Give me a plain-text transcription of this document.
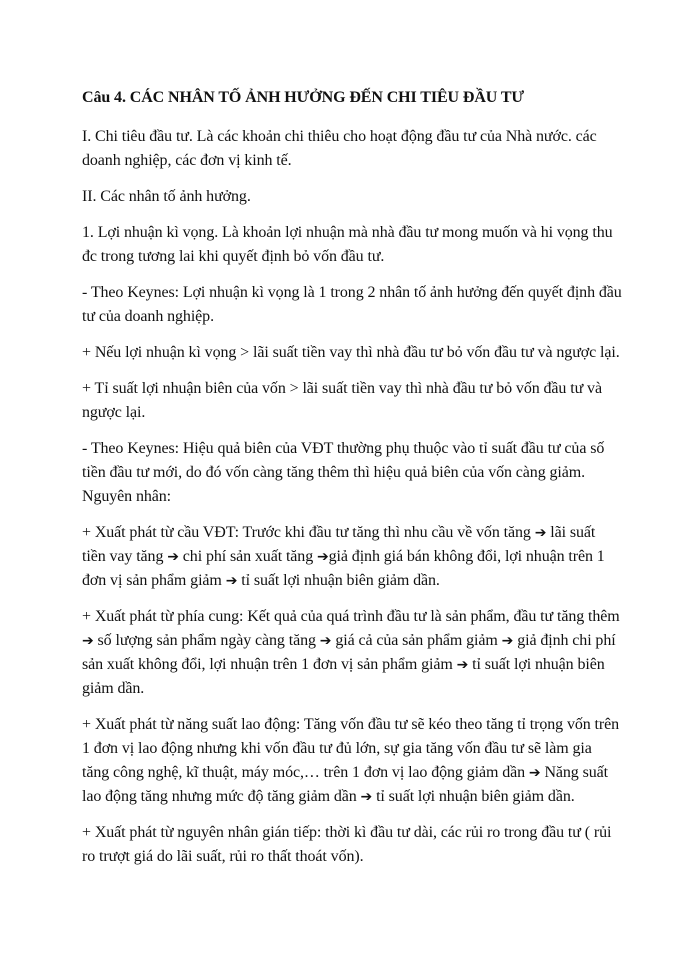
Câu 4. CÁC NHÂN TỐ ẢNH HƯỞNG ĐẾN CHI TIÊU ĐẦU TƯ

I. Chi tiêu đầu tư. Là các khoản chi thiêu cho hoạt động đầu tư của Nhà nước. các doanh nghiệp, các đơn vị kinh tế.

II. Các nhân tố ảnh hưởng.

1. Lợi nhuận kì vọng. Là khoản lợi nhuận mà nhà đầu tư mong muốn và hi vọng thu đc trong tương lai khi quyết định bỏ vốn đầu tư.

- Theo Keynes: Lợi nhuận kì vọng là 1 trong 2 nhân tố ảnh hưởng đến quyết định đầu tư của doanh nghiệp.

+ Nếu lợi nhuận kì vọng > lãi suất tiền vay thì nhà đầu tư bỏ vốn đầu tư và ngược lại.

+ Tỉ suất lợi nhuận biên của vốn > lãi suất tiền vay thì nhà đầu tư bỏ vốn đầu tư và ngược lại.

- Theo Keynes: Hiệu quả biên của VĐT thường phụ thuộc vào tỉ suất đầu tư của số tiền đầu tư mới, do đó vốn càng tăng thêm thì hiệu quả biên của vốn càng giảm. Nguyên nhân:

+ Xuất phát từ cầu VĐT: Trước khi đầu tư tăng thì nhu cầu về vốn tăng ➔ lãi suất tiền vay tăng ➔ chi phí sản xuất tăng ➔giả định giá bán không đổi, lợi nhuận trên 1 đơn vị sản phẩm giảm ➔ tỉ suất lợi nhuận biên giảm dần.

+ Xuất phát từ phía cung: Kết quả của quá trình đầu tư là sản phẩm, đầu tư tăng thêm ➔ số lượng sản phẩm ngày càng tăng ➔ giá cả của sản phẩm giảm ➔ giả định chi phí sản xuất không đổi, lợi nhuận trên 1 đơn vị sản phẩm giảm ➔ tỉ suất lợi nhuận biên giảm dần.

+ Xuất phát từ năng suất lao động: Tăng vốn đầu tư sẽ kéo theo tăng tỉ trọng vốn trên 1 đơn vị lao động nhưng khi vốn đầu tư đủ lớn, sự gia tăng vốn đầu tư sẽ làm gia tăng công nghệ, kĩ thuật, máy móc,… trên 1 đơn vị lao động giảm dần ➔ Năng suất lao động tăng nhưng mức độ tăng giảm dần ➔ tỉ suất lợi nhuận biên giảm dần.

+ Xuất phát từ nguyên nhân gián tiếp: thời kì đầu tư dài, các rủi ro trong đầu tư ( rủi ro trượt giá do lãi suất, rủi ro thất thoát vốn).
